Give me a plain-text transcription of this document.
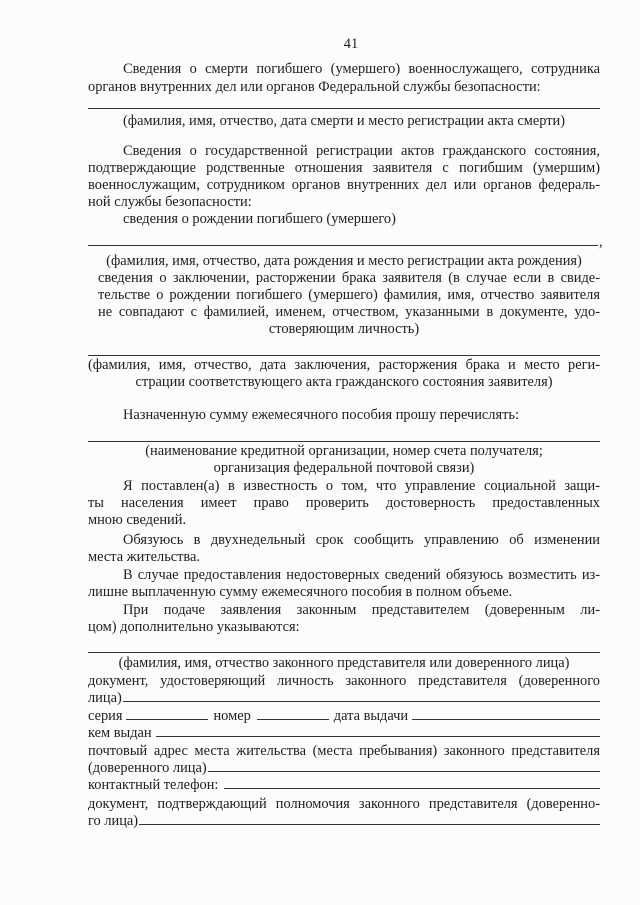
41
Сведения о смерти погибшего (умершего) военнослужащего, сотрудника
органов внутренних дел или органов Федеральной службы безопасности:
(фамилия, имя, отчество, дата смерти и место регистрации акта смерти)
Сведения о государственной регистрации актов гражданского состояния,
подтверждающие родственные отношения заявителя с погибшим (умершим)
военнослужащим, сотрудником органов внутренних дел или органов федераль-
ной службы безопасности:
сведения о рождении погибшего (умершего)
,
(фамилия, имя, отчество, дата рождения и место регистрации акта рождения)
сведения о заключении, расторжении брака заявителя (в случае если в свиде-
тельстве о рождении погибшего (умершего) фамилия, имя, отчество заявителя
не совпадают с фамилией, именем, отчеством, указанными в документе, удо-
стоверяющим личность)
(фамилия, имя, отчество, дата заключения, расторжения брака и место реги-
страции соответствующего акта гражданского состояния заявителя)
Назначенную сумму ежемесячного пособия прошу перечислять:
(наименование кредитной организации, номер счета получателя;
организация федеральной почтовой связи)
Я поставлен(а) в известность о том, что управление социальной защи-
ты населения имеет право проверить достоверность предоставленных
мною сведений.
Обязуюсь в двухнедельный срок сообщить управлению об изменении
места жительства.
В случае предоставления недостоверных сведений обязуюсь возместить из-
лишне выплаченную сумму ежемесячного пособия в полном объеме.
При подаче заявления законным представителем (доверенным ли-
цом) дополнительно указываются:
(фамилия, имя, отчество законного представителя или доверенного лица)
документ, удостоверяющий личность законного представителя (доверенного
лица)
серия	номер	дата выдачи
кем выдан
почтовый адрес места жительства (места пребывания) законного представителя
(доверенного лица)
контактный телефон:
документ, подтверждающий полномочия законного представителя (доверенно-
го лица)
